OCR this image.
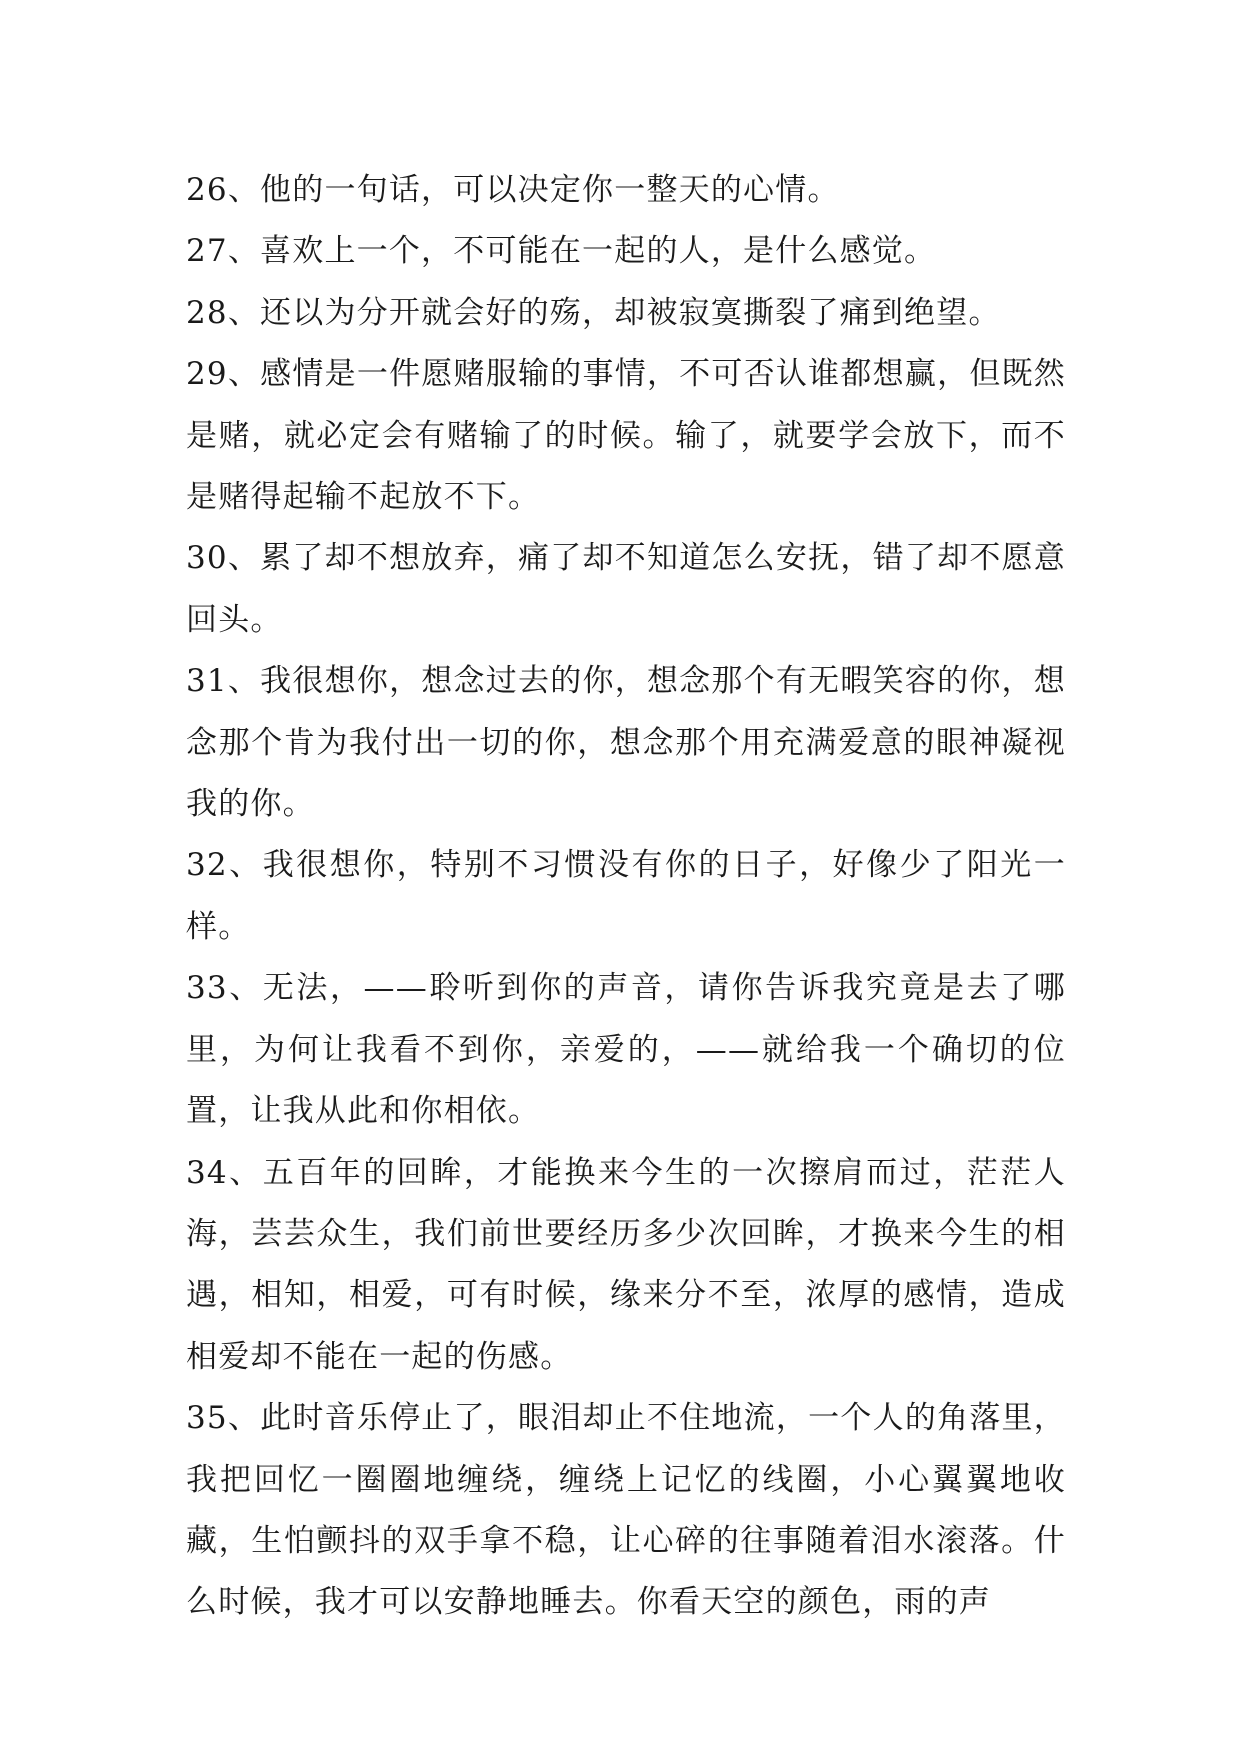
26、他的一句话，可以决定你一整天的心情。

27、喜欢上一个，不可能在一起的人，是什么感觉。

28、还以为分开就会好的殇，却被寂寞撕裂了痛到绝望。

29、感情是一件愿赌服输的事情，不可否认谁都想赢，但既然是赌，就必定会有赌输了的时候。输了，就要学会放下，而不是赌得起输不起放不下。

30、累了却不想放弃，痛了却不知道怎么安抚，错了却不愿意回头。

31、我很想你，想念过去的你，想念那个有无暇笑容的你，想念那个肯为我付出一切的你，想念那个用充满爱意的眼神凝视我的你。

32、我很想你，特别不习惯没有你的日子，好像少了阳光一样。

33、无法，——聆听到你的声音，请你告诉我究竟是去了哪里，为何让我看不到你，亲爱的，——就给我一个确切的位置，让我从此和你相依。

34、五百年的回眸，才能换来今生的一次擦肩而过，茫茫人海，芸芸众生，我们前世要经历多少次回眸，才换来今生的相遇，相知，相爱，可有时候，缘来分不至，浓厚的感情，造成相爱却不能在一起的伤感。

35、此时音乐停止了，眼泪却止不住地流，一个人的角落里，我把回忆一圈圈地缠绕，缠绕上记忆的线圈，小心翼翼地收藏，生怕颤抖的双手拿不稳，让心碎的往事随着泪水滚落。什么时候，我才可以安静地睡去。你看天空的颜色，雨的声
